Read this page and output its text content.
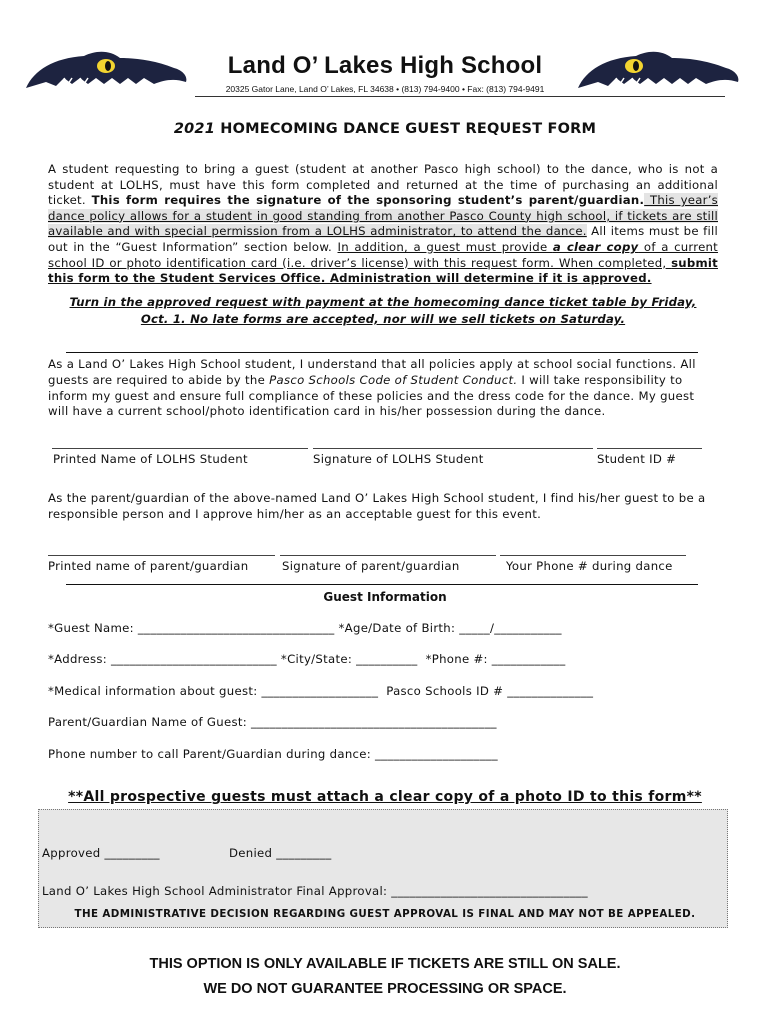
Land O’ Lakes High School
20325 Gator Lane, Land O’ Lakes, FL 34638 • (813) 794-9400 • Fax: (813) 794-9491
2021 HOMECOMING DANCE GUEST REQUEST FORM
A student requesting to bring a guest (student at another Pasco high school) to the dance, who is not a student at LOLHS, must have this form completed and returned at the time of purchasing an additional ticket. This form requires the signature of the sponsoring student’s parent/guardian. This year’s dance policy allows for a student in good standing from another Pasco County high school, if tickets are still available and with special permission from a LOLHS administrator, to attend the dance. All items must be fill out in the “Guest Information” section below. In addition, a guest must provide a clear copy of a current school ID or photo identification card (i.e. driver’s license) with this request form. When completed, submit this form to the Student Services Office. Administration will determine if it is approved.
Turn in the approved request with payment at the homecoming dance ticket table by Friday,
Oct. 1. No late forms are accepted, nor will we sell tickets on Saturday.
As a Land O’ Lakes High School student, I understand that all policies apply at school social functions. All guests are required to abide by the Pasco Schools Code of Student Conduct. I will take responsibility to inform my guest and ensure full compliance of these policies and the dress code for the dance. My guest will have a current school/photo identification card in his/her possession during the dance.
Printed Name of LOLHS Student	Signature of LOLHS Student	Student ID #
As the parent/guardian of the above-named Land O’ Lakes High School student, I find his/her guest to be a responsible person and I approve him/her as an acceptable guest for this event.
Printed name of parent/guardian	Signature of parent/guardian	Your Phone # during dance
Guest Information
*Guest Name: ________________________________ *Age/Date of Birth: _____/___________
*Address: ___________________________ *City/State: __________  *Phone #: ____________
*Medical information about guest: ___________________  Pasco Schools ID # ______________
Parent/Guardian Name of Guest: ________________________________________
Phone number to call Parent/Guardian during dance: ____________________
**All prospective guests must attach a clear copy of a photo ID to this form**
Approved _________	Denied _________
Land O’ Lakes High School Administrator Final Approval: ________________________________
THE ADMINISTRATIVE DECISION REGARDING GUEST APPROVAL IS FINAL AND MAY NOT BE APPEALED.
THIS OPTION IS ONLY AVAILABLE IF TICKETS ARE STILL ON SALE.
WE DO NOT GUARANTEE PROCESSING OR SPACE.
